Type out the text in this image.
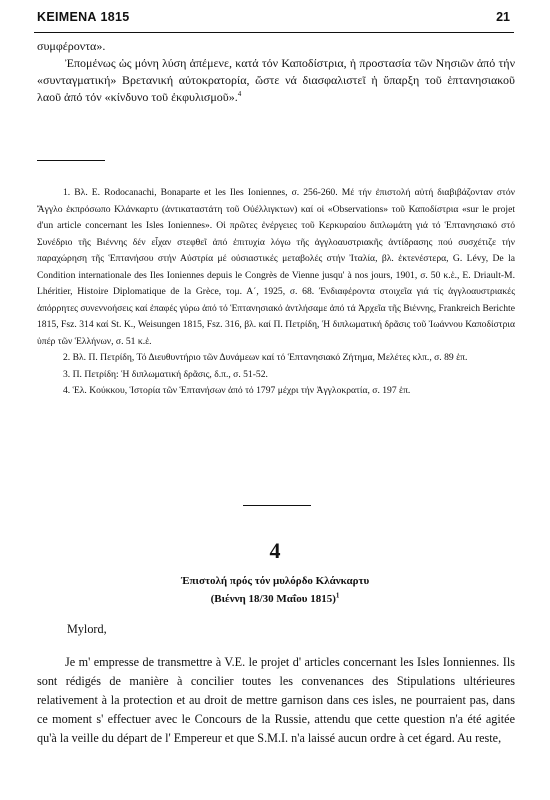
ΚΕΙΜΕΝΑ 1815	21

συμφέροντα».

Ἐπομένως ὡς μόνη λύση ἀπέμενε, κατά τόν Καποδίστρια, ἡ προστασία τῶν Νησιῶν ἀπό τήν «συνταγματική» Βρετανική αὐτοκρατορία, ὥστε νά διασφαλιστεῖ ἡ ὕπαρξη τοῦ ἑπτανησιακοῦ λαοῦ ἀπό τόν «κίνδυνο τοῦ ἐκφυλισμοῦ».$^4$

1. Βλ. E. Rodocanachi, Bonaparte et les Iles Ioniennes, σ. 256-260. Μέ τήν ἐπιστολή αὐτή διαβιβάζονταν στόν Ἄγγλο ἐκπρόσωπο Κλάνκαρτυ (ἀντικαταστάτη τοῦ Οὐέλλιγκτων) καί οἱ «Observations» τοῦ Καποδίστρια «sur le projet d'un article concernant les Isles Ioniennes». Οἱ πρῶτες ἐνέργειες τοῦ Κερκυραίου διπλωμάτη γιά τό Ἑπτανησιακό στό Συνέδριο τῆς Βιέννης δέν εἶχαν στεφθεῖ ἀπό ἐπιτυχία λόγω τῆς ἀγγλοαυστριακῆς ἀντίδρασης πού συσχέτιζε τήν παραχώρηση τῆς Ἑπτανήσου στήν Αὐστρία μέ οὐσιαστικές μεταβολές στήν Ἰταλία, βλ. ἐκτενέστερα, G. Lévy, De la Condition internationale des Iles Ioniennes depuis le Congrès de Vienne jusqu' à nos jours, 1901, σ. 50 κ.ἑ., E. Driault-M. Lhéritier, Histoire Diplomatique de la Grèce, τομ. Α΄, 1925, σ. 68. Ἐνδιαφέροντα στοιχεῖα γιά τίς ἀγγλοαυστριακές ἀπόρρητες συνεννοήσεις καί ἐπαφές γύρω ἀπό τό Ἑπτανησιακό ἀντλήσαμε ἀπό τά Ἀρχεῖα τῆς Βιέννης, Frankreich Berichte 1815, Fsz. 314 καί St. K., Weisungen 1815, Fsz. 316, βλ. καί Π. Πετρίδη, Ἡ διπλωματική δρᾶσις τοῦ Ἰωάννου Καποδίστρια ὑπέρ τῶν Ἑλλήνων, σ. 51 κ.ἑ.

2. Βλ. Π. Πετρίδη, Τό Διευθυντήριο τῶν Δυνάμεων καί τό Ἑπτανησιακό Ζήτημα, Μελέτες κλπ., σ. 89 ἑπ.

3. Π. Πετρίδη: Ἡ διπλωματική δρᾶσις, δ.π., σ. 51-52.

4. Ἑλ. Κούκκου, Ἱστορία τῶν Ἑπτανήσων ἀπό τό 1797 μέχρι τήν Ἀγγλοκρατία, σ. 197 ἑπ.

4
Ἐπιστολή πρός τόν μυλόρδο Κλάνκαρτυ
(Βιέννη 18/30 Μαΐου 1815)$^1$

Mylord,

Je m' empresse de transmettre à V.E. le projet d' articles concernant les Isles Ionniennes. Ils sont rédigés de manière à concilier toutes les convenances des Stipulations ultérieures relativement à la protection et au droit de mettre garnison dans ces isles, ne pourraient pas, dans ce moment s' effectuer avec le Concours de la Russie, attendu que cette question n'a été agitée qu'à la veille du départ de l' Empereur et que S.M.I. n'a laissé aucun ordre à cet égard. Au reste,
